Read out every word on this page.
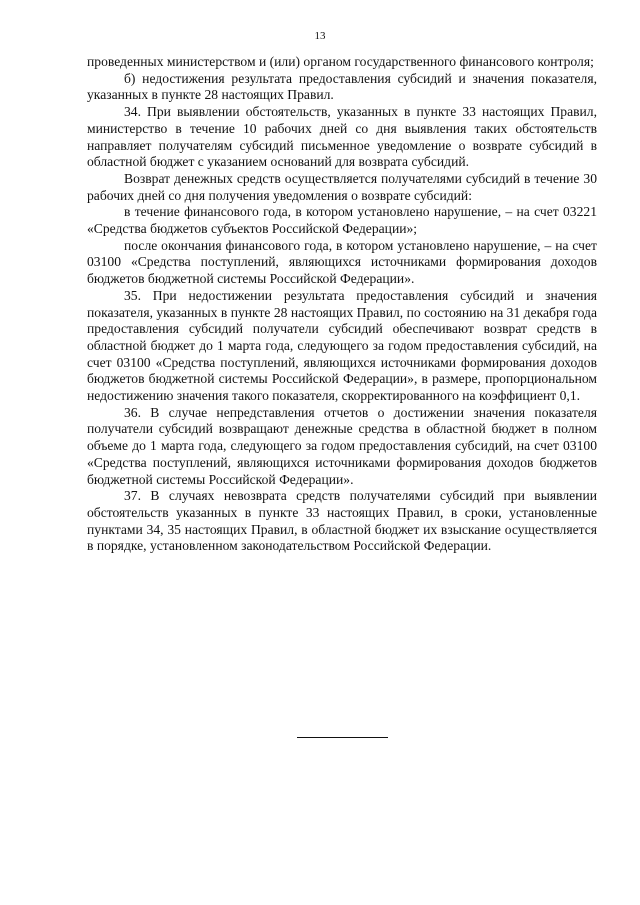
13

проведенных министерством и (или) органом государственного финансового контроля;

б) недостижения результата предоставления субсидий и значения показателя, указанных в пункте 28 настоящих Правил.

34. При выявлении обстоятельств, указанных в пункте 33 настоящих Правил, министерство в течение 10 рабочих дней со дня выявления таких обстоятельств направляет получателям субсидий письменное уведомление о возврате субсидий в областной бюджет с указанием оснований для возврата субсидий.

Возврат денежных средств осуществляется получателями субсидий в течение 30 рабочих дней со дня получения уведомления о возврате субсидий:

в течение финансового года, в котором установлено нарушение, – на счет 03221 «Средства бюджетов субъектов Российской Федерации»;

после окончания финансового года, в котором установлено нарушение, – на счет 03100 «Средства поступлений, являющихся источниками формирования доходов бюджетов бюджетной системы Российской Федерации».

35. При недостижении результата предоставления субсидий и значения показателя, указанных в пункте 28 настоящих Правил, по состоянию на 31 декабря года предоставления субсидий получатели субсидий обеспечивают возврат средств в областной бюджет до 1 марта года, следующего за годом предоставления субсидий, на счет 03100 «Средства поступлений, являющихся источниками формирования доходов бюджетов бюджетной системы Российской Федерации», в размере, пропорциональном недостижению значения такого показателя, скорректированного на коэффициент 0,1.

36. В случае непредставления отчетов о достижении значения показателя получатели субсидий возвращают денежные средства в областной бюджет в полном объеме до 1 марта года, следующего за годом предоставления субсидий, на счет 03100 «Средства поступлений, являющихся источниками формирования доходов бюджетов бюджетной системы Российской Федерации».

37. В случаях невозврата средств получателями субсидий при выявлении обстоятельств указанных в пункте 33 настоящих Правил, в сроки, установленные пунктами 34, 35 настоящих Правил, в областной бюджет их взыскание осуществляется в порядке, установленном законодательством Российской Федерации.
